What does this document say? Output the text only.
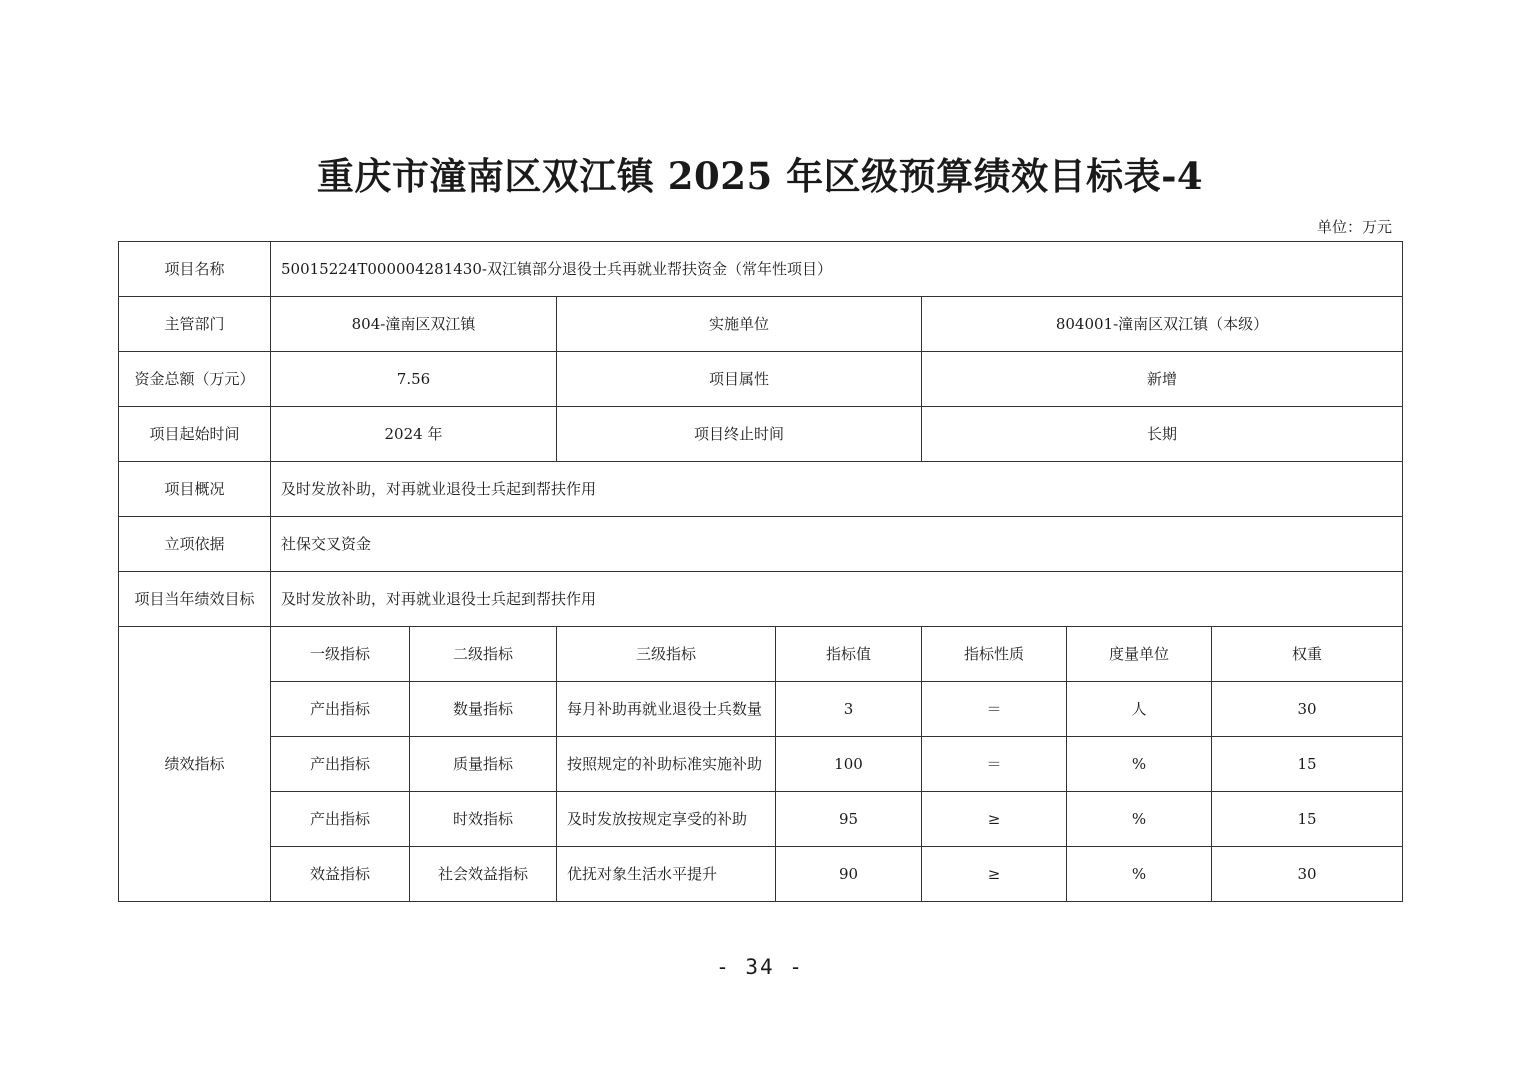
重庆市潼南区双江镇 2025 年区级预算绩效目标表-4
单位：万元
项目名称	50015224T000004281430-双江镇部分退役士兵再就业帮扶资金（常年性项目）						
主管部门	804-潼南区双江镇		实施单位		804001-潼南区双江镇（本级）		
资金总额（万元）	7.56		项目属性		新增		
项目起始时间	2024 年		项目终止时间		长期		
项目概况	及时发放补助，对再就业退役士兵起到帮扶作用						
立项依据	社保交叉资金						
项目当年绩效目标	及时发放补助，对再就业退役士兵起到帮扶作用						
绩效指标	一级指标	二级指标	三级指标	指标值	指标性质	度量单位	权重
	产出指标	数量指标	每月补助再就业退役士兵数量	3	＝	人	30
	产出指标	质量指标	按照规定的补助标准实施补助	100	＝	%	15
	产出指标	时效指标	及时发放按规定享受的补助	95	≥	%	15
	效益指标	社会效益指标	优抚对象生活水平提升	90	≥	%	30
- 34 -
